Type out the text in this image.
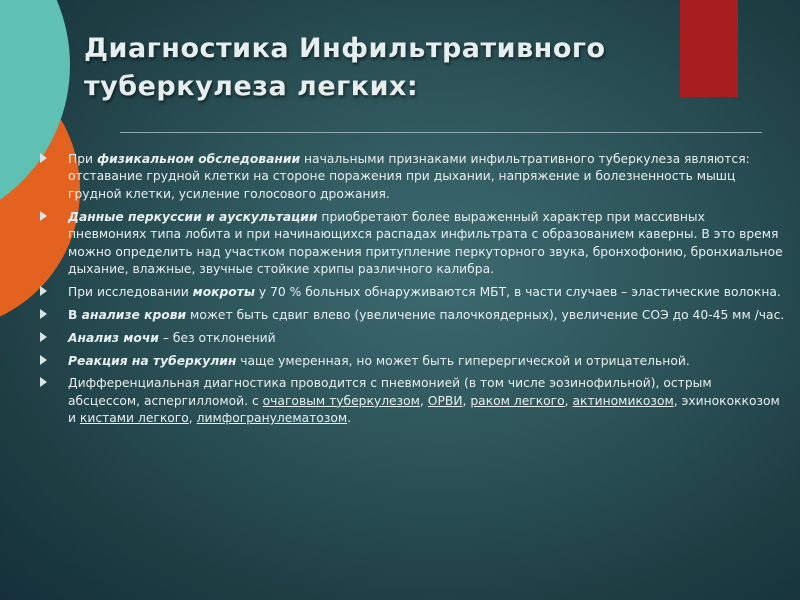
Диагностика Инфильтративного
туберкулеза легких:
При физикальном обследовании начальными признаками инфильтративного туберкулеза являются: отставание грудной клетки на стороне поражения при дыхании, напряжение и болезненность мышц грудной клетки, усиление голосового дрожания.
Данные перкуссии и аускультации приобретают более выраженный характер при массивных пневмониях типа лобита и при начинающихся распадах инфильтрата с образованием каверны. В это время можно определить над участком поражения притупление перкуторного звука, бронхофонию, бронхиальное дыхание, влажные, звучные стойкие хрипы различного калибра.
При исследовании мокроты у 70 % больных обнаруживаются МБТ, в части случаев – эластические волокна.
В анализе крови может быть сдвиг влево (увеличение палочкоядерных), увеличение СОЭ до 40-45 мм /час.
Анализ мочи – без отклонений
Реакция на туберкулин чаще умеренная, но может быть гиперергической и отрицательной.
Дифференциальная диагностика проводится с пневмонией (в том числе эозинофильной), острым абсцессом, аспергилломой. с очаговым туберкулезом, ОРВИ, раком легкого, актиномикозом, эхинококкозом и кистами легкого, лимфогранулематозом.
